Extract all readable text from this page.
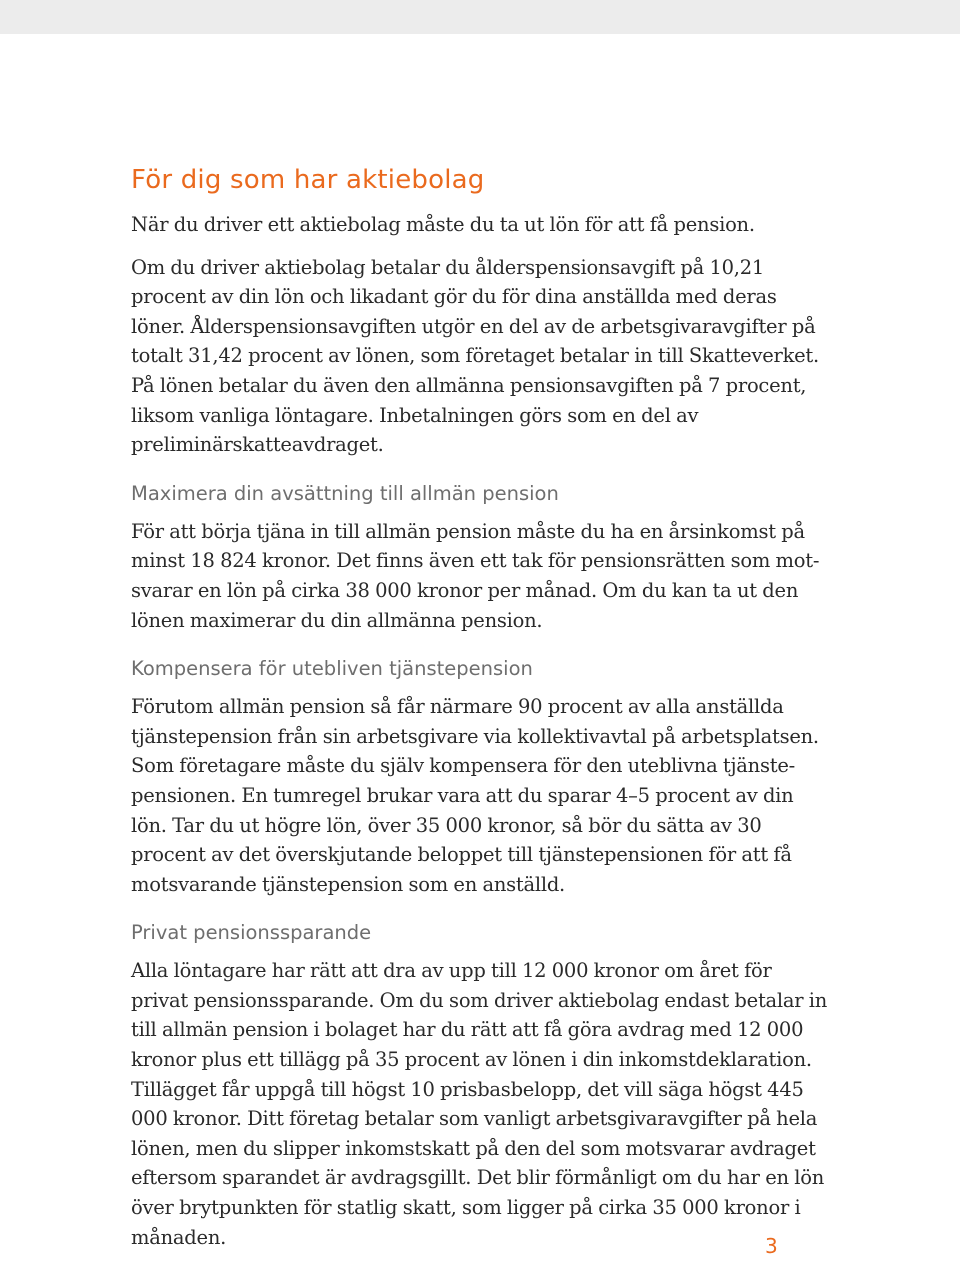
För dig som har aktiebolag

När du driver ett aktiebolag måste du ta ut lön för att få pension.

Om du driver aktiebolag betalar du ålderspensionsavgift på 10,21 procent av din lön och likadant gör du för dina anställda med deras löner. Ålderspensionsavgiften utgör en del av de arbetsgivaravgifter på totalt 31,42 procent av lönen, som företaget betalar in till Skatteverket. På lönen betalar du även den allmänna pensionsavgiften på 7 procent, liksom vanliga löntagare. Inbetalningen görs som en del av preliminärskatteavdraget.

Maximera din avsättning till allmän pension

För att börja tjäna in till allmän pension måste du ha en årsinkomst på minst 18 824 kronor. Det finns även ett tak för pensionsrätten som motsvarar en lön på cirka 38 000 kronor per månad. Om du kan ta ut den lönen maximerar du din allmänna pension.

Kompensera för utebliven tjänstepension

Förutom allmän pension så får närmare 90 procent av alla anställda tjänstepension från sin arbetsgivare via kollektivavtal på arbetsplatsen. Som företagare måste du själv kompensera för den uteblivna tjänstepensionen. En tumregel brukar vara att du sparar 4–5 procent av din lön. Tar du ut högre lön, över 35 000 kronor, så bör du sätta av 30 procent av det överskjutande beloppet till tjänstepensionen för att få motsvarande tjänstepension som en anställd.

Privat pensionssparande

Alla löntagare har rätt att dra av upp till 12 000 kronor om året för privat pensionssparande. Om du som driver aktiebolag endast betalar in till allmän pension i bolaget har du rätt att få göra avdrag med 12 000 kronor plus ett tillägg på 35 procent av lönen i din inkomstdeklaration. Tillägget får uppgå till högst 10 prisbasbelopp, det vill säga högst 445 000 kronor. Ditt företag betalar som vanligt arbetsgivaravgifter på hela lönen, men du slipper inkomstskatt på den del som motsvarar avdraget eftersom sparandet är avdragsgillt. Det blir förmånligt om du har en lön över brytpunkten för statlig skatt, som ligger på cirka 35 000 kronor i månaden.	3
